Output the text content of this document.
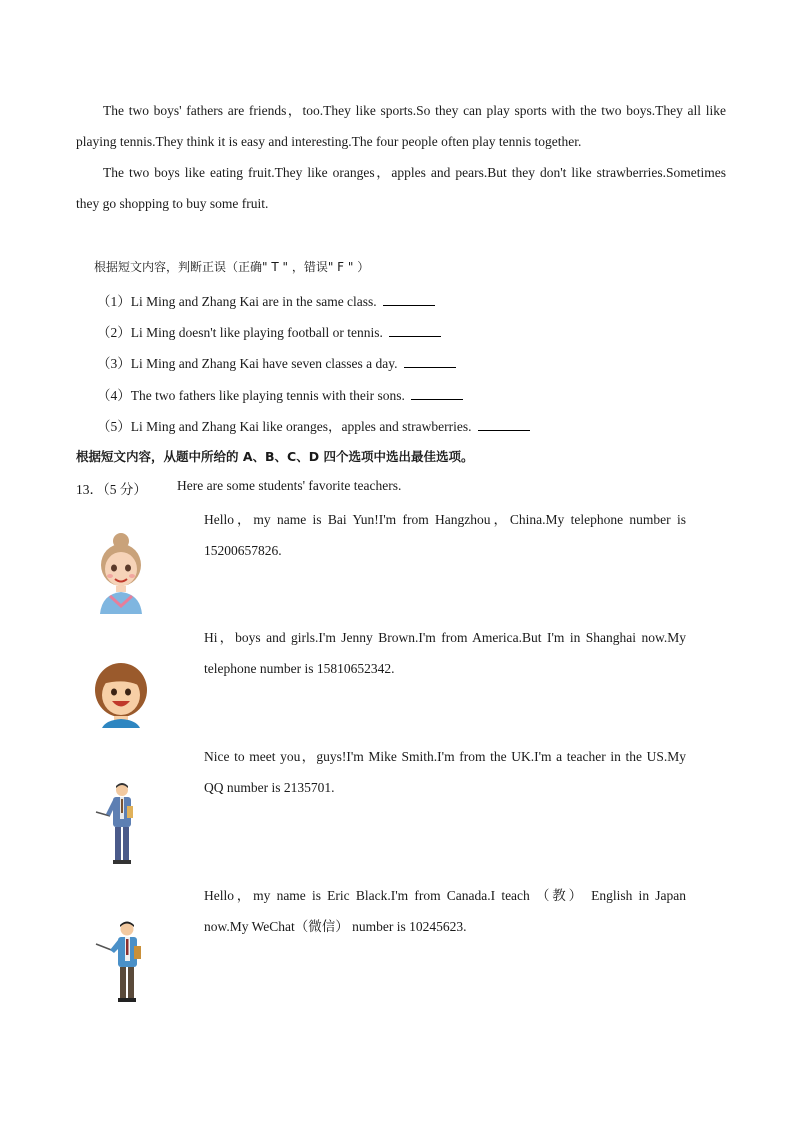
The two boys' fathers are friends，too.They like sports.So they can play sports with the two boys.They all like playing tennis.They think it is easy and interesting.The four people often play tennis together.
The two boys like eating fruit.They like oranges，apples and pears.But they don't like strawberries.Sometimes they go shopping to buy some fruit.
根据短文内容，判断正误（正确" T " ，错误" F " ）
（1）Li Ming and Zhang Kai are in the same class.
（2）Li Ming doesn't like playing football or tennis.
（3）Li Ming and Zhang Kai have seven classes a day.
（4）The two fathers like playing tennis with their sons.
（5）Li Ming and Zhang Kai like oranges，apples and strawberries.
根据短文内容，从题中所给的 A、B、C、D 四个选项中选出最佳选项。
13．（5 分） Here are some students' favorite teachers.
Hello，my name is Bai Yun!I'm from Hangzhou，China.My telephone number is 15200657826.
Hi，boys and girls.I'm Jenny Brown.I'm from America.But I'm in Shanghai now.My telephone number is 15810652342.
Nice to meet you，guys!I'm Mike Smith.I'm from the UK.I'm a teacher in the US.My QQ number is 2135701.
Hello，my name is Eric Black.I'm from Canada.I teach （教） English in Japan now.My WeChat（微信） number is 10245623.
